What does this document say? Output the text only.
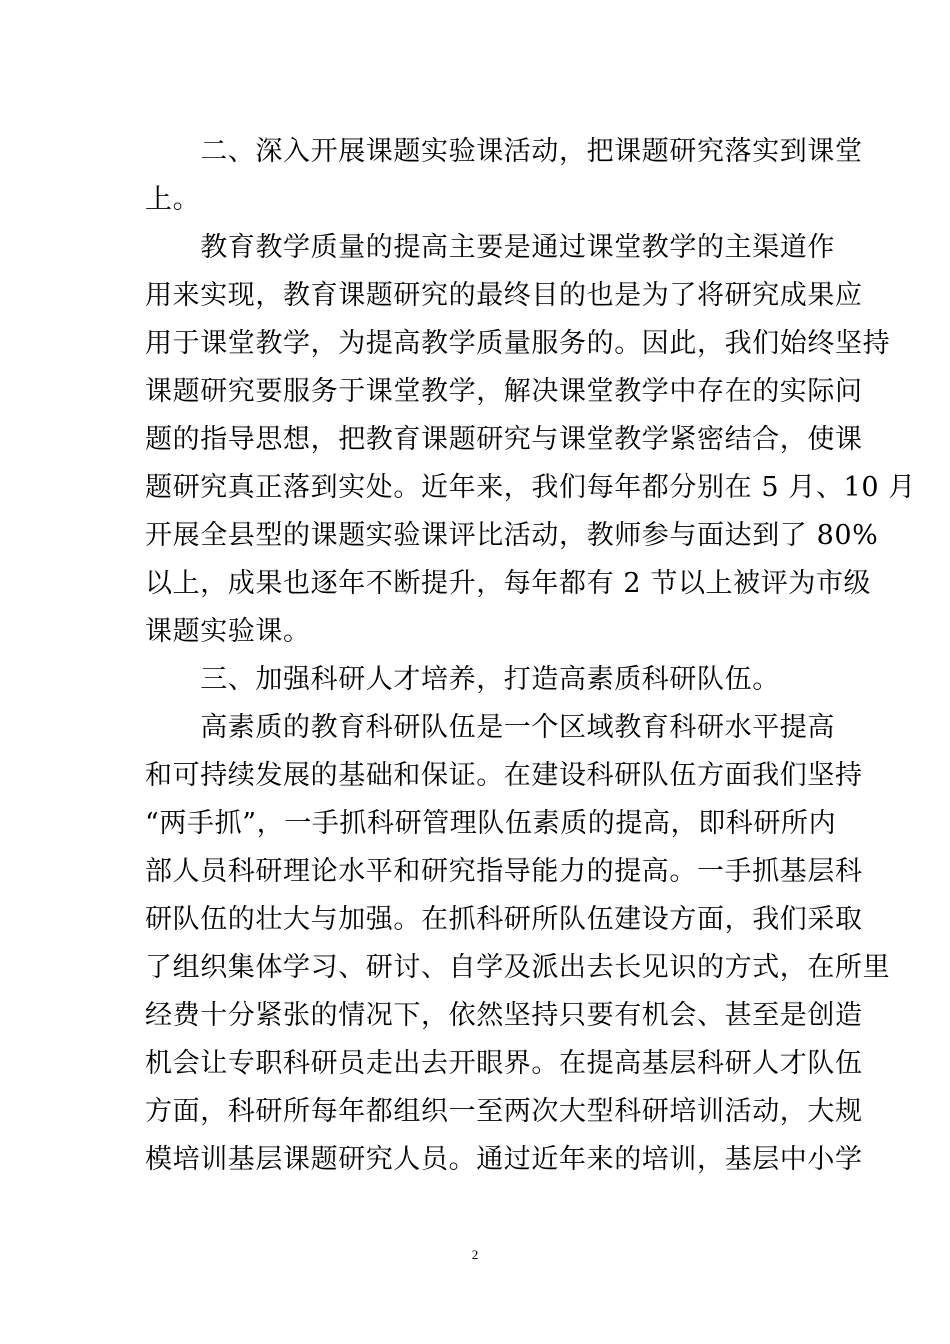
　　二、深入开展课题实验课活动，把课题研究落实到课堂

上。

　　教育教学质量的提高主要是通过课堂教学的主渠道作

用来实现，教育课题研究的最终目的也是为了将研究成果应

用于课堂教学，为提高教学质量服务的。因此，我们始终坚持

课题研究要服务于课堂教学，解决课堂教学中存在的实际问

题的指导思想，把教育课题研究与课堂教学紧密结合，使课

题研究真正落到实处。近年来，我们每年都分别在 5 月、10 月

开展全县型的课题实验课评比活动，教师参与面达到了 80%

以上，成果也逐年不断提升，每年都有 2 节以上被评为市级

课题实验课。

　　三、加强科研人才培养，打造高素质科研队伍。

　　高素质的教育科研队伍是一个区域教育科研水平提高

和可持续发展的基础和保证。在建设科研队伍方面我们坚持

“两手抓”，一手抓科研管理队伍素质的提高，即科研所内

部人员科研理论水平和研究指导能力的提高。一手抓基层科

研队伍的壮大与加强。在抓科研所队伍建设方面，我们采取

了组织集体学习、研讨、自学及派出去长见识的方式，在所里

经费十分紧张的情况下，依然坚持只要有机会、甚至是创造

机会让专职科研员走出去开眼界。在提高基层科研人才队伍

方面，科研所每年都组织一至两次大型科研培训活动，大规

模培训基层课题研究人员。通过近年来的培训，基层中小学

2
